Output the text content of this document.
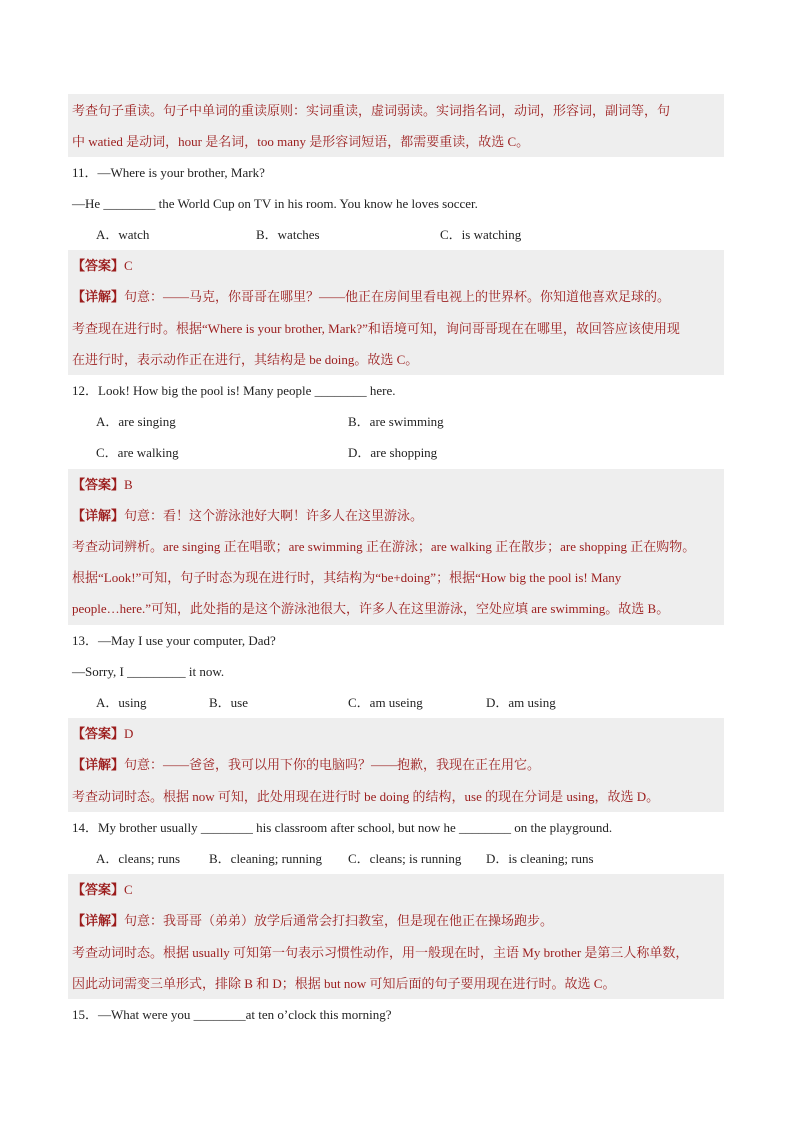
考查句子重读。句子中单词的重读原则：实词重读，虚词弱读。实词指名词，动词，形容词，副词等，句
中 watied 是动词，hour 是名词，too many 是形容词短语，都需要重读，故选 C。
11．—Where is your brother, Mark?
—He ________ the World Cup on TV in his room. You know he loves soccer.
A．watch	B．watches	C．is watching
【答案】C
【详解】句意：——马克，你哥哥在哪里？——他正在房间里看电视上的世界杯。你知道他喜欢足球的。
考查现在进行时。根据“Where is your brother, Mark?”和语境可知，询问哥哥现在在哪里，故回答应该使用现
在进行时，表示动作正在进行，其结构是 be doing。故选 C。
12．Look! How big the pool is! Many people ________ here.
A．are singing	B．are swimming
C．are walking	D．are shopping
【答案】B
【详解】句意：看！这个游泳池好大啊！许多人在这里游泳。
考查动词辨析。are singing 正在唱歌；are swimming 正在游泳；are walking 正在散步；are shopping 正在购物。
根据“Look!”可知，句子时态为现在进行时，其结构为“be+doing”；根据“How big the pool is! Many
people…here.”可知，此处指的是这个游泳池很大，许多人在这里游泳，空处应填 are swimming。故选 B。
13．—May I use your computer, Dad?
—Sorry, I _________ it now.
A．using	B．use	C．am useing	D．am using
【答案】D
【详解】句意：——爸爸，我可以用下你的电脑吗？——抱歉，我现在正在用它。
考查动词时态。根据 now 可知，此处用现在进行时 be doing 的结构，use 的现在分词是 using，故选 D。
14．My brother usually ________ his classroom after school, but now he ________ on the playground.
A．cleans; runs B．cleaning; running C．cleans; is running D．is cleaning; runs
【答案】C
【详解】句意：我哥哥（弟弟）放学后通常会打扫教室，但是现在他正在操场跑步。
考查动词时态。根据 usually 可知第一句表示习惯性动作，用一般现在时，主语 My brother 是第三人称单数，
因此动词需变三单形式，排除 B 和 D；根据 but now 可知后面的句子要用现在进行时。故选 C。
15．—What were you ________at ten o’clock this morning?
